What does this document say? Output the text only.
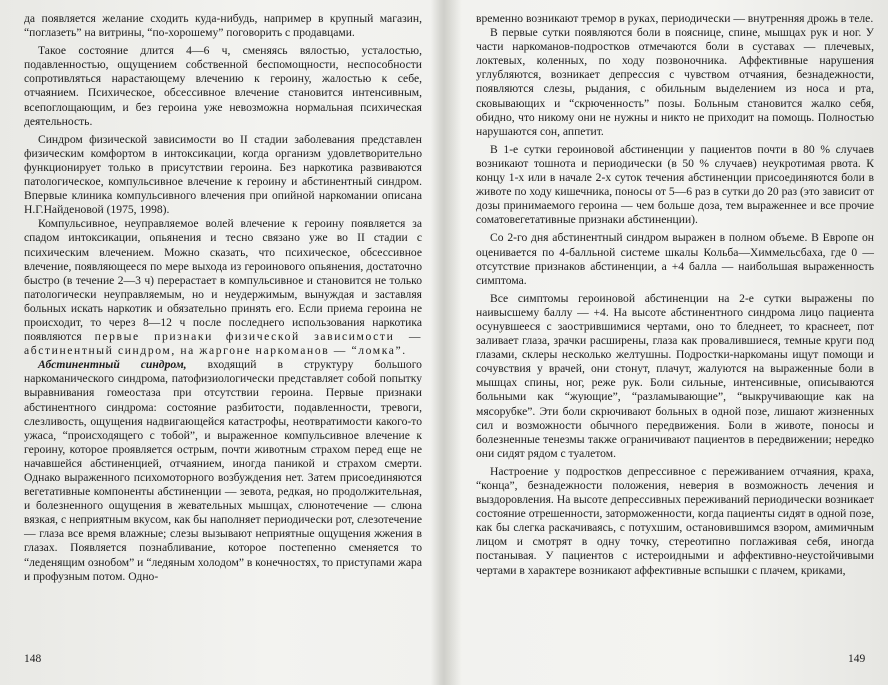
да появляется желание сходить куда-нибудь, например в крупный магазин, “поглазеть” на витрины, “по-хорошему” поговорить с продавцами.

Такое состояние длится 4—6 ч, сменяясь вялостью, усталостью, подавленностью, ощущением собственной беспомощности, неспособности сопротивляться нарастающему влечению к героину, жалостью к себе, отчаянием. Психическое, обсессивное влечение становится интенсивным, всепоглощающим, и без героина уже невозможна нормальная психическая деятельность.

Синдром физической зависимости во II стадии заболевания представлен физическим комфортом в интоксикации, когда организм удовлетворительно функционирует только в присутствии героина. Без наркотика развиваются патологическое, компульсивное влечение к героину и абстинентный синдром. Впервые клиника компульсивного влечения при опийной наркомании описана Н.Г.Найденовой (1975, 1998).

Компульсивное, неуправляемое волей влечение к героину появляется за спадом интоксикации, опьянения и тесно связано уже во II стадии с психическим влечением. Можно сказать, что психическое, обсессивное влечение, появляющееся по мере выхода из героинового опьянения, достаточно быстро (в течение 2—3 ч) перерастает в компульсивное и становится не только патологически неуправляемым, но и неудержимым, вынуждая и заставляя больных искать наркотик и обязательно принять его. Если приема героина не происходит, то через 8—12 ч после последнего использования наркотика появляются первые признаки физической зависимости — абстинентный синдром, на жаргоне наркоманов — “ломка”.

Абстинентный синдром, входящий в структуру большого наркоманического синдрома, патофизиологически представляет собой попытку выравнивания гомеостаза при отсутствии героина. Первые признаки абстинентного синдрома: состояние разбитости, подавленности, тревоги, слезливость, ощущения надвигающейся катастрофы, неотвратимости какого-то ужаса, “происходящего с тобой”, и выраженное компульсивное влечение к героину, которое проявляется острым, почти животным страхом перед еще не начавшейся абстиненцией, отчаянием, иногда паникой и страхом смерти. Однако выраженного психомоторного возбуждения нет. Затем присоединяются вегетативные компоненты абстиненции — зевота, редкая, но продолжительная, и болезненного ощущения в жевательных мышцах, слюнотечение — слюна вязкая, с неприятным вкусом, как бы наполняет периодически рот, слезотечение — глаза все время влажные; слезы вызывают неприятные ощущения жжения в глазах. Появляется познабливание, которое постепенно сменяется то “леденящим ознобом” и “ледяным холодом” в конечностях, то приступами жара и профузным потом. Одно-

временно возникают тремор в руках, периодически — внутренняя дрожь в теле.

В первые сутки появляются боли в пояснице, спине, мышцах рук и ног. У части наркоманов-подростков отмечаются боли в суставах — плечевых, локтевых, коленных, по ходу позвоночника. Аффективные нарушения углубляются, возникает депрессия с чувством отчаяния, безнадежности, появляются слезы, рыдания, с обильным выделением из носа и рта, сковывающих и “скрюченность” позы. Больным становится жалко себя, обидно, что никому они не нужны и никто не приходит на помощь. Полностью нарушаются сон, аппетит.

В 1-е сутки героиновой абстиненции у пациентов почти в 80 % случаев возникают тошнота и периодически (в 50 % случаев) неукротимая рвота. К концу 1-х или в начале 2-х суток течения абстиненции присоединяются боли в животе по ходу кишечника, поносы от 5—6 раз в сутки до 20 раз (это зависит от дозы принимаемого героина — чем больше доза, тем выраженнее и все прочие соматовегетативные признаки абстиненции).

Со 2-го дня абстинентный синдром выражен в полном объеме. В Европе он оценивается по 4-балльной системе шкалы Кольба—Химмельсбаха, где 0 — отсутствие признаков абстиненции, а +4 балла — наибольшая выраженность симптома.

Все симптомы героиновой абстиненции на 2-е сутки выражены по наивысшему баллу — +4. На высоте абстинентного синдрома лицо пациента осунувшееся с заострившимися чертами, оно то бледнеет, то краснеет, пот заливает глаза, зрачки расширены, глаза как провалившиеся, темные круги под глазами, склеры несколько желтушны. Подростки-наркоманы ищут помощи и сочувствия у врачей, они стонут, плачут, жалуются на выраженные боли в мышцах спины, ног, реже рук. Боли сильные, интенсивные, описываются больными как “жующие”, “разламывающие”, “выкручивающие как на мясорубке”. Эти боли скрючивают больных в одной позе, лишают жизненных сил и возможности обычного передвижения. Боли в животе, поносы и болезненные тенезмы также ограничивают пациентов в передвижении; нередко они сидят рядом с туалетом.

Настроение у подростков депрессивное с переживанием отчаяния, краха, “конца”, безнадежности положения, неверия в возможность лечения и выздоровления. На высоте депрессивных переживаний периодически возникает состояние отрешенности, заторможенности, когда пациенты сидят в одной позе, как бы слегка раскачиваясь, с потухшим, остановившимся взором, амимичным лицом и смотрят в одну точку, стереотипно поглаживая себя, иногда постанывая. У пациентов с истероидными и аффективно-неустойчивыми чертами в характере возникают аффективные вспышки с плачем, криками,

148	149
